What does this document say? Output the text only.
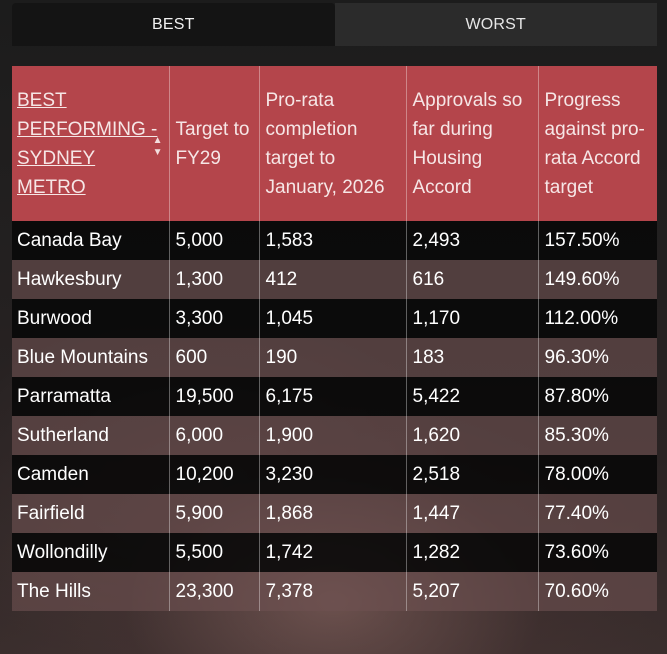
BEST	WORST
BEST PERFORMING - SYDNEY METRO
▲
▼	Target to FY29	Pro-rata completion target to January, 2026	Approvals so far during Housing Accord	Progress against pro-rata Accord target
Canada Bay	5,000	1,583	2,493	157.50%
Hawkesbury	1,300	412	616	149.60%
Burwood	3,300	1,045	1,170	112.00%
Blue Mountains	600	190	183	96.30%
Parramatta	19,500	6,175	5,422	87.80%
Sutherland	6,000	1,900	1,620	85.30%
Camden	10,200	3,230	2,518	78.00%
Fairfield	5,900	1,868	1,447	77.40%
Wollondilly	5,500	1,742	1,282	73.60%
The Hills	23,300	7,378	5,207	70.60%
